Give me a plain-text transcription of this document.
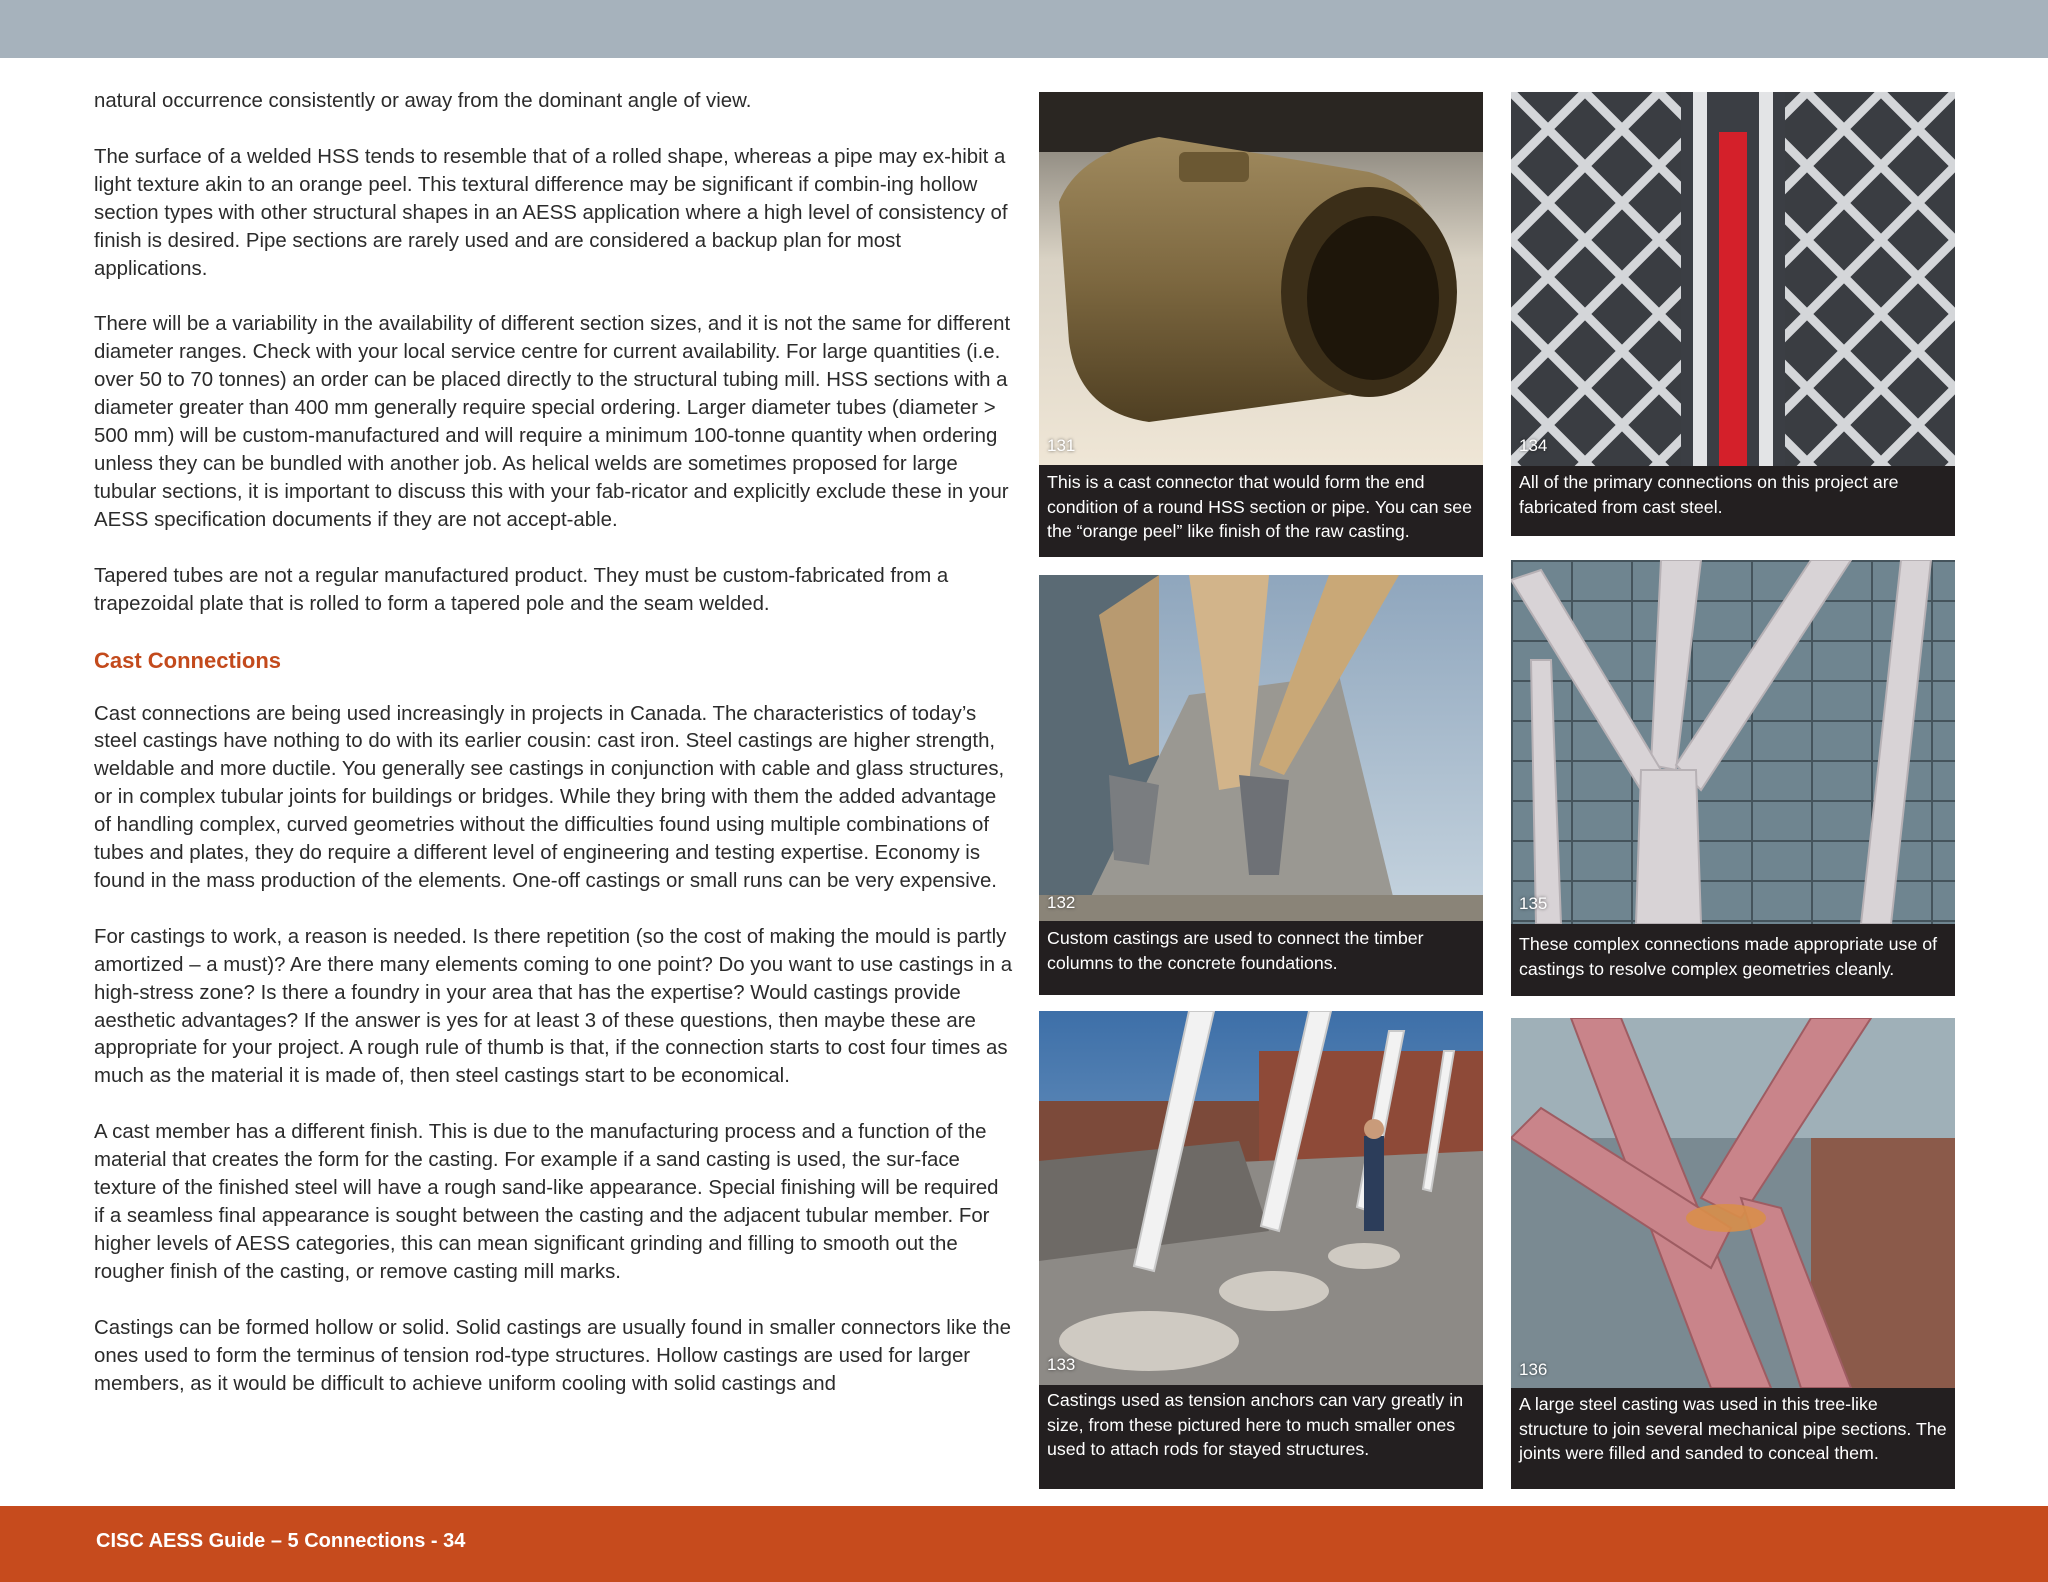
natural occurrence consistently or away from the dominant angle of view.

The surface of a welded HSS tends to resemble that of a rolled shape, whereas a pipe may ex-hibit a light texture akin to an orange peel. This textural difference may be significant if combin-ing hollow section types with other structural shapes in an AESS application where a high level of consistency of finish is desired. Pipe sections are rarely used and are considered a backup plan for most applications.

There will be a variability in the availability of different section sizes, and it is not the same for different diameter ranges. Check with your local service centre for current availability. For large quantities (i.e. over 50 to 70 tonnes) an order can be placed directly to the structural tubing mill. HSS sections with a diameter greater than 400 mm generally require special ordering. Larger diameter tubes (diameter > 500 mm) will be custom-manufactured and will require a minimum 100-tonne quantity when ordering unless they can be bundled with another job. As helical welds are sometimes proposed for large tubular sections, it is important to discuss this with your fab-ricator and explicitly exclude these in your AESS specification documents if they are not accept-able.

Tapered tubes are not a regular manufactured product. They must be custom-fabricated from a trapezoidal plate that is rolled to form a tapered pole and the seam welded.

Cast Connections

Cast connections are being used increasingly in projects in Canada. The characteristics of today’s steel castings have nothing to do with its earlier cousin: cast iron. Steel castings are higher strength, weldable and more ductile. You generally see castings in conjunction with cable and glass structures, or in complex tubular joints for buildings or bridges. While they bring with them the added advantage of handling complex, curved geometries without the difficulties found using multiple combinations of tubes and plates, they do require a different level of engineering and testing expertise. Economy is found in the mass production of the elements. One-off castings or small runs can be very expensive.

For castings to work, a reason is needed. Is there repetition (so the cost of making the mould is partly amortized – a must)? Are there many elements coming to one point? Do you want to use castings in a high-stress zone? Is there a foundry in your area that has the expertise? Would castings provide aesthetic advantages? If the answer is yes for at least 3 of these questions, then maybe these are appropriate for your project. A rough rule of thumb is that, if the connection starts to cost four times as much as the material it is made of, then steel castings start to be economical.

A cast member has a different finish. This is due to the manufacturing process and a function of the material that creates the form for the casting. For example if a sand casting is used, the sur-face texture of the finished steel will have a rough sand-like appearance. Special finishing will be required if a seamless final appearance is sought between the casting and the adjacent tubular member. For higher levels of AESS categories, this can mean significant grinding and filling to smooth out the rougher finish of the casting, or remove casting mill marks.

Castings can be formed hollow or solid. Solid castings are usually found in smaller connectors like the ones used to form the terminus of tension rod-type structures. Hollow castings are used for larger members, as it would be difficult to achieve uniform cooling with solid castings and

131
This is a cast connector that would form the end condition of a round HSS section or pipe. You can see the “orange peel” like finish of the raw casting.
132
Custom castings are used to connect the timber columns to the concrete foundations.
133
Castings used as tension anchors can vary greatly in size, from these pictured here to much smaller ones used to attach rods for stayed structures.
134
All of the primary connections on this project are fabricated from cast steel.
135
These complex connections made appropriate use of castings to resolve complex geometries cleanly.
136
A large steel casting was used in this tree-like structure to join several mechanical pipe sections. The joints were filled and sanded to conceal them.
CISC AESS Guide – 5 Connections - 34
